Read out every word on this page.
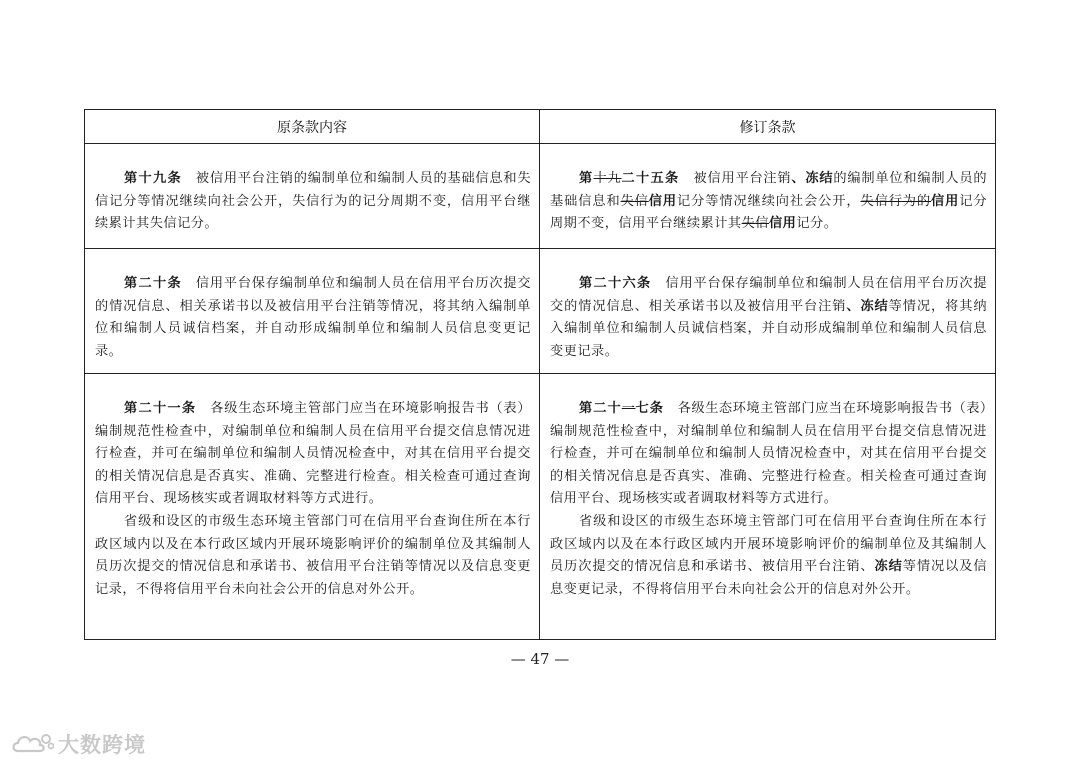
原条款内容	修订条款

第十九条　被信用平台注销的编制单位和编制人员的基础信息和失信记分等情况继续向社会公开，失信行为的记分周期不变，信用平台继续累计其失信记分。

第十九二十五条　被信用平台注销、冻结的编制单位和编制人员的基础信息和失信信用记分等情况继续向社会公开，失信行为的信用记分周期不变，信用平台继续累计其失信信用记分。

第二十条　信用平台保存编制单位和编制人员在信用平台历次提交的情况信息、相关承诺书以及被信用平台注销等情况，将其纳入编制单位和编制人员诚信档案，并自动形成编制单位和编制人员信息变更记录。

第二十六条　信用平台保存编制单位和编制人员在信用平台历次提交的情况信息、相关承诺书以及被信用平台注销、冻结等情况，将其纳入编制单位和编制人员诚信档案，并自动形成编制单位和编制人员信息变更记录。

第二十一条　各级生态环境主管部门应当在环境影响报告书（表）编制规范性检查中，对编制单位和编制人员在信用平台提交信息情况进行检查，并可在编制单位和编制人员情况检查中，对其在信用平台提交的相关情况信息是否真实、准确、完整进行检查。相关检查可通过查询信用平台、现场核实或者调取材料等方式进行。

省级和设区的市级生态环境主管部门可在信用平台查询住所在本行政区域内以及在本行政区域内开展环境影响评价的编制单位及其编制人员历次提交的情况信息和承诺书、被信用平台注销等情况以及信息变更记录，不得将信用平台未向社会公开的信息对外公开。

第二十一七条　各级生态环境主管部门应当在环境影响报告书（表）编制规范性检查中，对编制单位和编制人员在信用平台提交信息情况进行检查，并可在编制单位和编制人员情况检查中，对其在信用平台提交的相关情况信息是否真实、准确、完整进行检查。相关检查可通过查询信用平台、现场核实或者调取材料等方式进行。

省级和设区的市级生态环境主管部门可在信用平台查询住所在本行政区域内以及在本行政区域内开展环境影响评价的编制单位及其编制人员历次提交的情况信息和承诺书、被信用平台注销、冻结等情况以及信息变更记录，不得将信用平台未向社会公开的信息对外公开。

— 47 —
大数跨境
